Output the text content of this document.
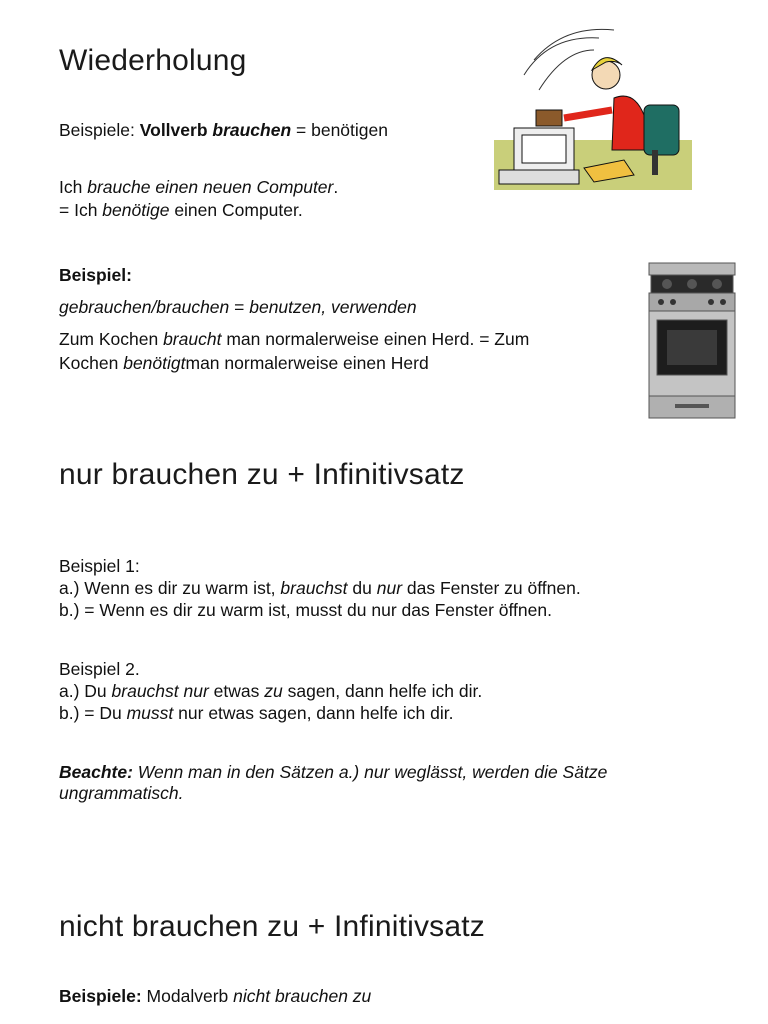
Wiederholung

Beispiele: Vollverb brauchen = benötigen

Ich brauche einen neuen Computer.

= Ich benötige einen Computer.

Beispiel:

gebrauchen/brauchen = benutzen, verwenden

Zum Kochen braucht man normalerweise einen Herd. = Zum

Kochen benötigtman normalerweise einen Herd

nur brauchen zu + Infinitivsatz

Beispiel 1:

a.) Wenn es dir zu warm ist, brauchst du nur das Fenster zu öffnen.

b.) = Wenn es dir zu warm ist, musst du nur das Fenster öffnen.

Beispiel 2.

a.) Du brauchst nur etwas zu sagen, dann helfe ich dir.

b.) = Du musst nur etwas sagen, dann helfe ich dir.

Beachte: Wenn man in den Sätzen a.) nur weglässt, werden die Sätze

ungrammatisch.

nicht brauchen zu + Infinitivsatz

Beispiele: Modalverb nicht brauchen zu
